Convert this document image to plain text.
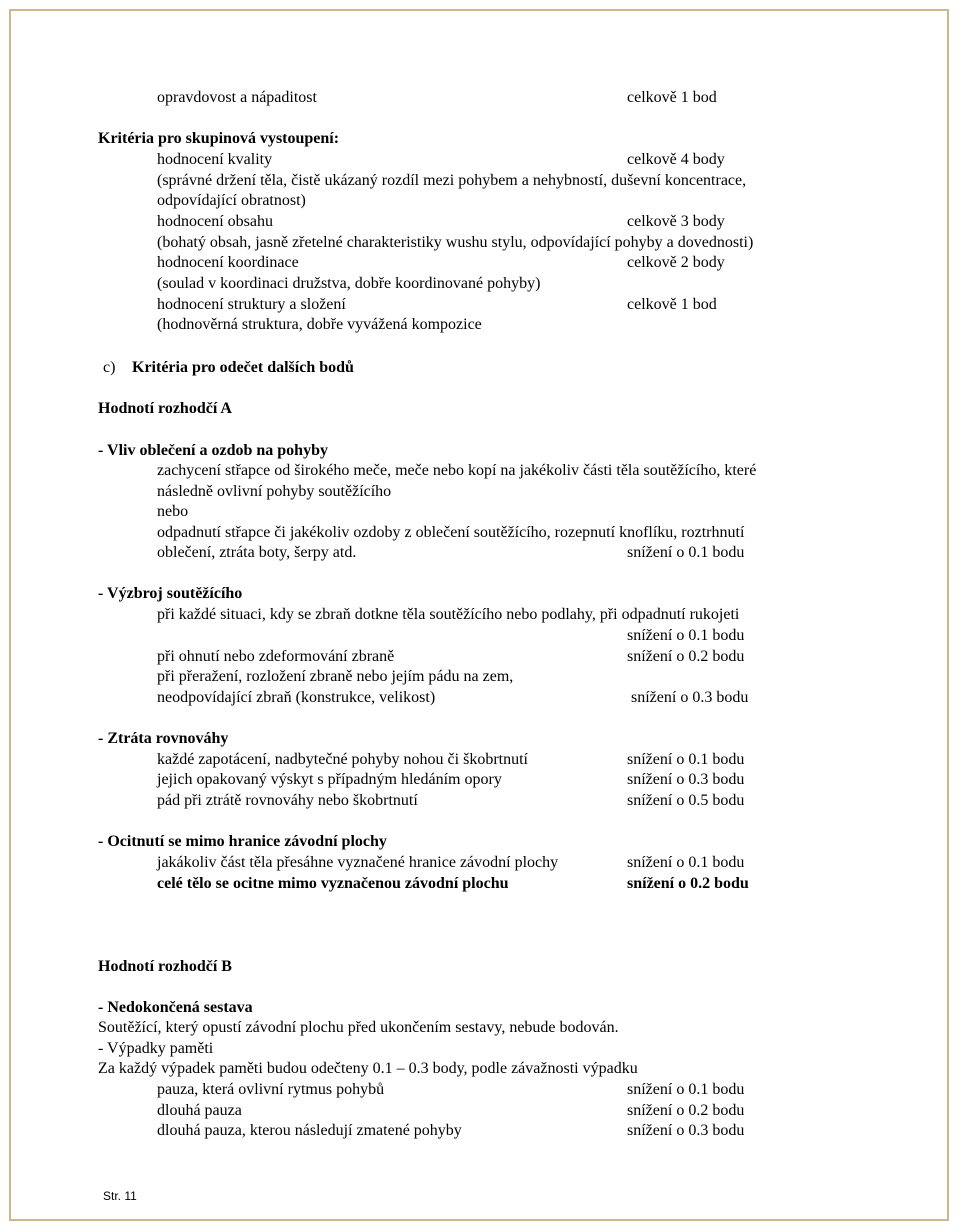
opravdovost a nápaditost	celkově 1 bod
Kritéria pro skupinová vystoupení:
hodnocení kvality	celkově 4 body
(správné držení těla, čistě ukázaný rozdíl mezi pohybem a nehybností, duševní koncentrace,
odpovídající obratnost)
hodnocení obsahu	celkově 3 body
(bohatý obsah, jasně zřetelné charakteristiky wushu stylu, odpovídající pohyby a dovednosti)
hodnocení koordinace	celkově 2 body
(soulad v koordinaci družstva, dobře koordinované pohyby)
hodnocení struktury a složení	celkově 1 bod
(hodnověrná struktura, dobře vyvážená kompozice
c) Kritéria pro odečet dalších bodů
Hodnotí rozhodčí A
- Vliv oblečení a ozdob na pohyby
zachycení střapce od širokého meče, meče nebo kopí na jakékoliv části těla soutěžícího, které
následně ovlivní pohyby soutěžícího
nebo
odpadnutí střapce či jakékoliv ozdoby z oblečení soutěžícího, rozepnutí knoflíku, roztrhnutí
oblečení, ztráta boty, šerpy atd.	snížení o 0.1 bodu
- Výzbroj soutěžícího
při každé situaci, kdy se zbraň dotkne těla soutěžícího nebo podlahy, při odpadnutí rukojeti
snížení o 0.1 bodu
při ohnutí nebo zdeformování zbraně	snížení o 0.2 bodu
při přeražení, rozložení zbraně nebo jejím pádu na zem,
neodpovídající zbraň (konstrukce, velikost)	snížení o 0.3 bodu
- Ztráta rovnováhy
každé zapotácení, nadbytečné pohyby nohou či škobrtnutí	snížení o 0.1 bodu
jejich opakovaný výskyt s případným hledáním opory	snížení o 0.3 bodu
pád při ztrátě rovnováhy nebo škobrtnutí	snížení o 0.5 bodu
- Ocitnutí se mimo hranice závodní plochy
jakákoliv část těla přesáhne vyznačené hranice závodní plochy	snížení o 0.1 bodu
celé tělo se ocitne mimo vyznačenou závodní plochu	snížení o 0.2 bodu
Hodnotí rozhodčí B
- Nedokončená sestava
Soutěžící, který opustí závodní plochu před ukončením sestavy, nebude bodován.
- Výpadky paměti
Za každý výpadek paměti budou odečteny 0.1 – 0.3 body, podle závažnosti výpadku
pauza, která ovlivní rytmus pohybů	snížení o 0.1 bodu
dlouhá pauza	snížení o 0.2 bodu
dlouhá pauza, kterou následují zmatené pohyby	snížení o 0.3 bodu
Str. 11
